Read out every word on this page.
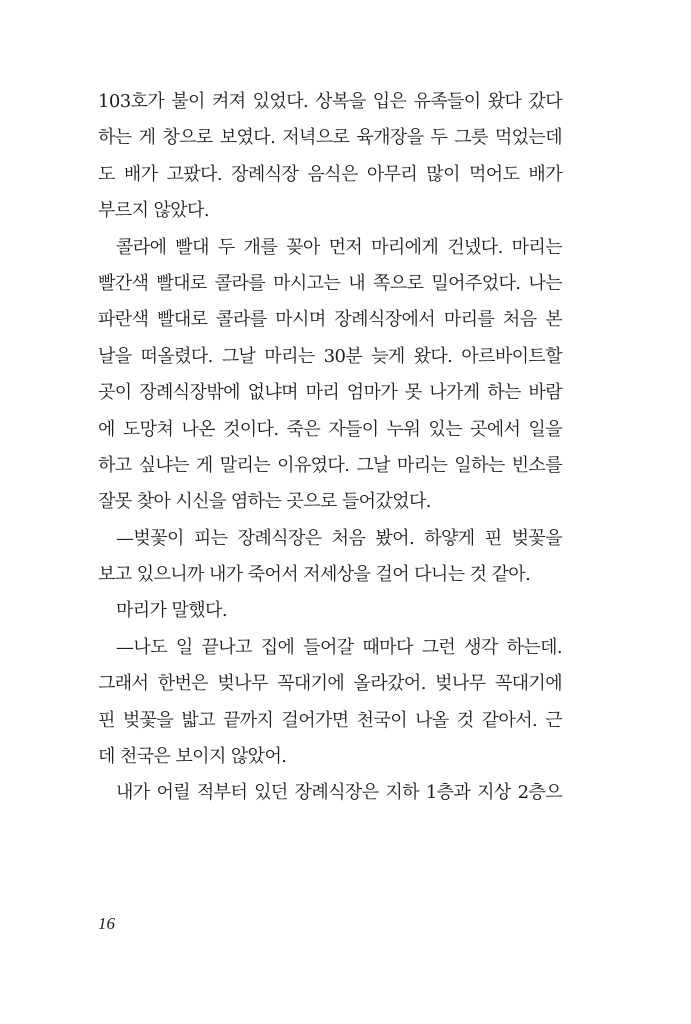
103호가 불이 켜져 있었다. 상복을 입은 유족들이 왔다 갔다
하는 게 창으로 보였다. 저녁으로 육개장을 두 그릇 먹었는데
도 배가 고팠다. 장례식장 음식은 아무리 많이 먹어도 배가
부르지 않았다.
콜라에 빨대 두 개를 꽂아 먼저 마리에게 건넸다. 마리는
빨간색 빨대로 콜라를 마시고는 내 쪽으로 밀어주었다. 나는
파란색 빨대로 콜라를 마시며 장례식장에서 마리를 처음 본
날을 떠올렸다. 그날 마리는 30분 늦게 왔다. 아르바이트할
곳이 장례식장밖에 없냐며 마리 엄마가 못 나가게 하는 바람
에 도망쳐 나온 것이다. 죽은 자들이 누워 있는 곳에서 일을
하고 싶냐는 게 말리는 이유였다. 그날 마리는 일하는 빈소를
잘못 찾아 시신을 염하는 곳으로 들어갔었다.
—벚꽃이 피는 장례식장은 처음 봤어. 하얗게 핀 벚꽃을
보고 있으니까 내가 죽어서 저세상을 걸어 다니는 것 같아.
마리가 말했다.
—나도 일 끝나고 집에 들어갈 때마다 그런 생각 하는데.
그래서 한번은 벚나무 꼭대기에 올라갔어. 벚나무 꼭대기에
핀 벚꽃을 밟고 끝까지 걸어가면 천국이 나올 것 같아서. 근
데 천국은 보이지 않았어.
내가 어릴 적부터 있던 장례식장은 지하 1층과 지상 2층으
16
